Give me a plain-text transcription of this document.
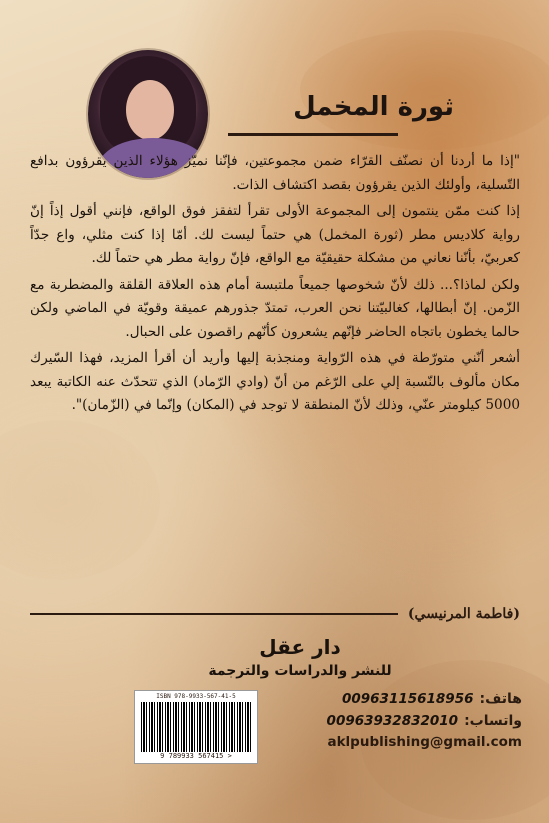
ثورة المخمل

"إذا ما أردنا أن نصنّف القرّاء ضمن مجموعتين، فإنّنا نميّز هؤلاء الذين يقرؤون بدافع التّسلية، وأولئك الذين يقرؤون بقصد اكتشاف الذات.

إذا كنت ممّن ينتمون إلى المجموعة الأولى تقرأ لتفقز فوق الواقع، فإنني أقول إذاً إنّ رواية كلاديس مطر (ثورة المخمل) هي حتماً ليست لك. أمّا إذا كنت مثلي، واع جدّاً كعربيّ، بأنّنا نعاني من مشكلة حقيقيّة مع الواقع، فإنّ رواية مطر هي حتماً لك.

ولكن لماذا؟... ذلك لأنّ شخوصها جميعاً ملتبسة أمام هذه العلاقة القلقة والمضطربة مع الزّمن. إنّ أبطالها، كغالبيّتنا نحن العرب، تمتدّ جذورهم عميقة وقويّة في الماضي ولكن حالما يخطون باتجاه الحاضر فإنّهم يشعرون كأنّهم راقصون على الحبال.

أشعر أنّني متورّطة في هذه الرّواية ومنجذبة إليها وأريد أن أقرأ المزيد، فهذا السّيرك مكان مألوف بالنّسبة إلي على الرّغم من أنّ (وادي الرّماد) الذي تتحدّث عنه الكاتبة يبعد 5000 كيلومتر عنّي، وذلك لأنّ المنطقة لا توجد في (المكان) وإنّما في (الزّمان)".

(فاطمة المرنيسي)
دار عقل
للنشر والدراسات والترجمة
ISBN 978-9933-567-41-5
9 789933 567415 >
00963115618956 هاتف:
00963932832010 واتساب:
aklpublishing@gmail.com
